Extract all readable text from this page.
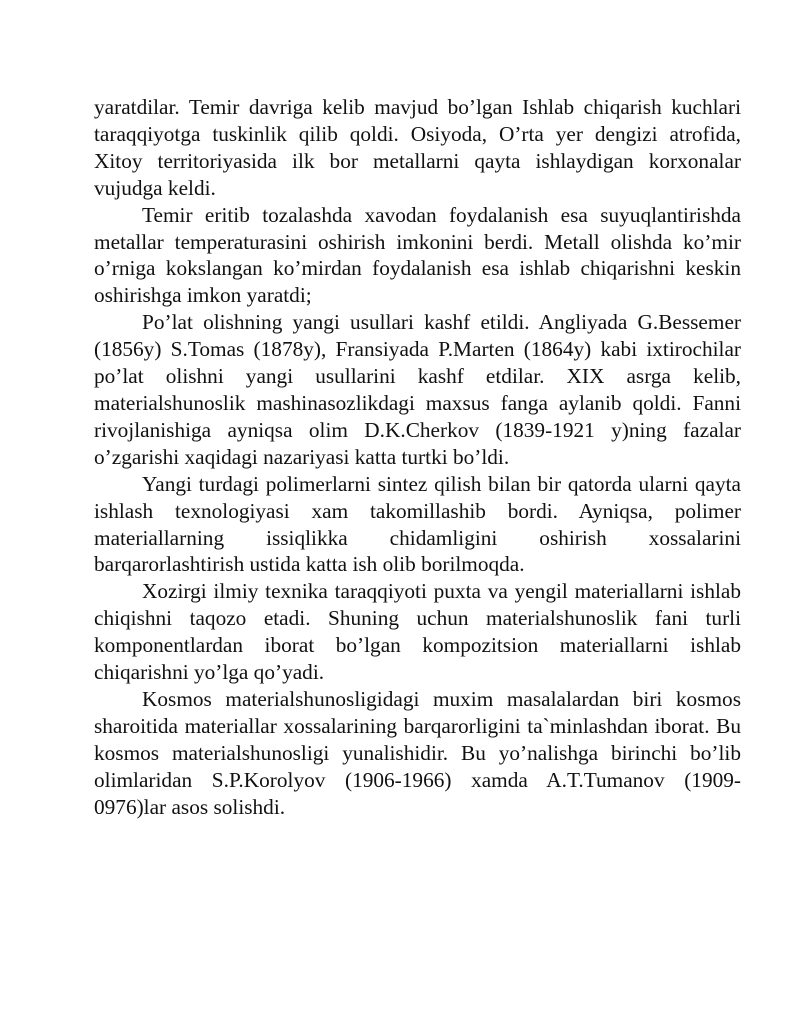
yaratdilar. Temir davriga kelib mavjud bo’lgan Ishlab chiqarish kuchlari taraqqiyotga tuskinlik qilib qoldi. Osiyoda, O’rta yer dengizi atrofida, Xitoy territoriyasida ilk bor metallarni qayta ishlaydigan korxonalar vujudga keldi.

Temir eritib tozalashda xavodan foydalanish esa suyuqlantirishda metallar temperaturasini oshirish imkonini berdi. Metall olishda ko’mir o’rniga kokslangan ko’mirdan foydalanish esa ishlab chiqarishni keskin oshirishga imkon yaratdi;

Po’lat olishning yangi usullari kashf etildi. Angliyada G.Bessemer (1856y) S.Tomas (1878y), Fransiyada P.Marten (1864y) kabi ixtirochilar po’lat olishni yangi usullarini kashf etdilar. XIX asrga kelib, materialshunoslik mashinasozlikdagi maxsus fanga aylanib qoldi. Fanni rivojlanishiga ayniqsa olim D.K.Cherkov (1839-1921 y)ning fazalar o’zgarishi xaqidagi nazariyasi katta turtki bo’ldi.

Yangi turdagi polimerlarni sintez qilish bilan bir qatorda ularni qayta ishlash texnologiyasi xam takomillashib bordi. Ayniqsa, polimer materiallarning issiqlikka chidamligini oshirish xossalarini barqarorlashtirish ustida katta ish olib borilmoqda.

Xozirgi ilmiy texnika taraqqiyoti puxta va yengil materiallarni ishlab chiqishni taqozo etadi. Shuning uchun materialshunoslik fani turli komponentlardan iborat bo’lgan kompozitsion materiallarni ishlab chiqarishni yo’lga qo’yadi.

Kosmos materialshunosligidagi muxim masalalardan biri kosmos sharoitida materiallar xossalarining barqarorligini ta`minlashdan iborat. Bu kosmos materialshunosligi yunalishidir. Bu yo’nalishga birinchi bo’lib olimlaridan S.P.Korolyov (1906-1966) xamda A.T.Tumanov (1909-0976)lar asos solishdi.
